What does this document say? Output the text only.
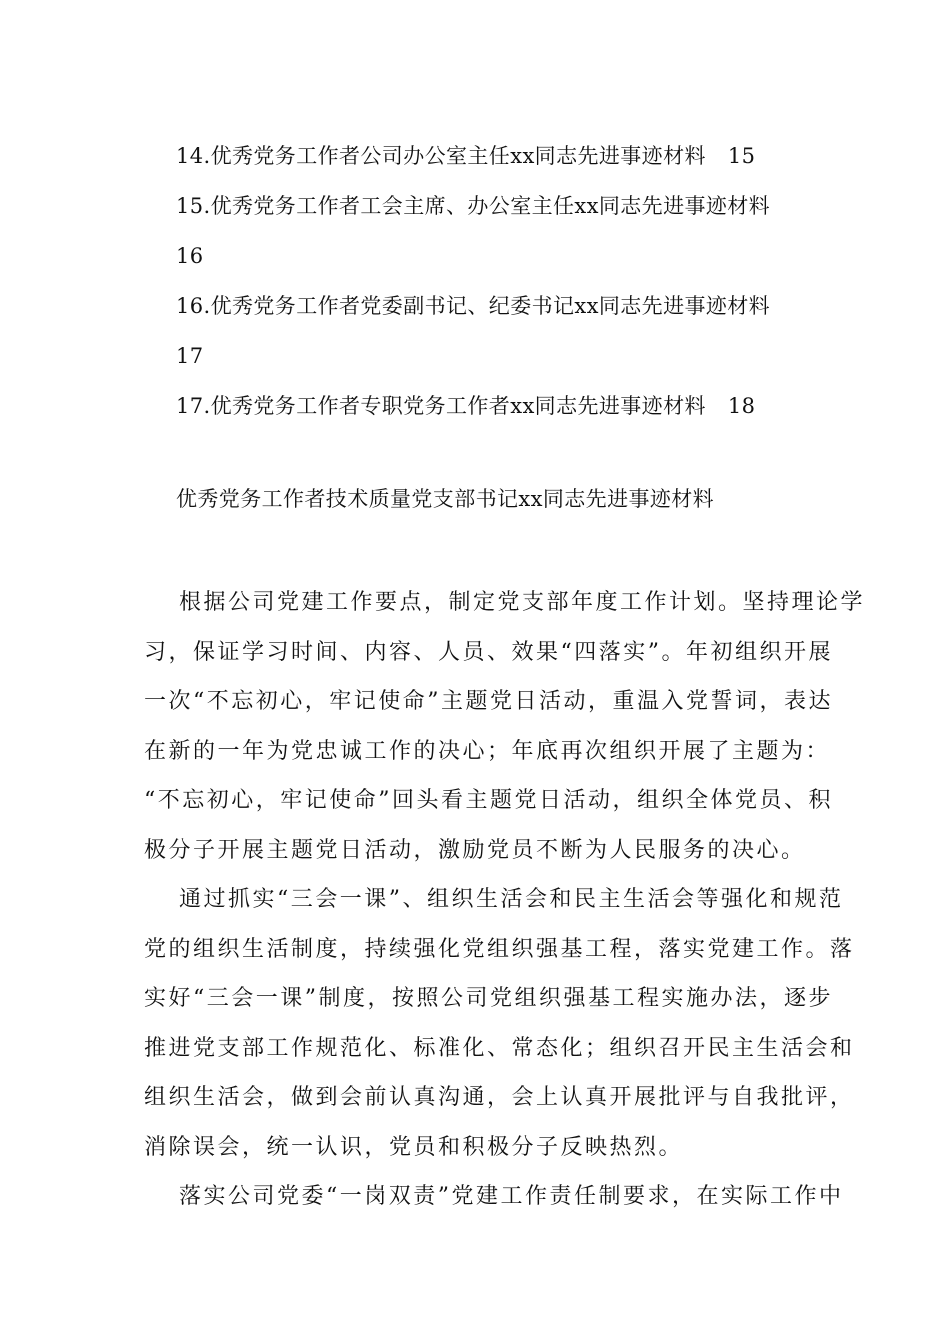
14.优秀党务工作者公司办公室主任xx同志先进事迹材料 15
15.优秀党务工作者工会主席、办公室主任xx同志先进事迹材料
16
16.优秀党务工作者党委副书记、纪委书记xx同志先进事迹材料
17
17.优秀党务工作者专职党务工作者xx同志先进事迹材料 18
优秀党务工作者技术质量党支部书记xx同志先进事迹材料
根据公司党建工作要点，制定党支部年度工作计划。坚持理论学
习，保证学习时间、内容、人员、效果“四落实”。年初组织开展
一次“不忘初心，牢记使命”主题党日活动，重温入党誓词，表达
在新的一年为党忠诚工作的决心；年底再次组织开展了主题为：
“不忘初心，牢记使命”回头看主题党日活动，组织全体党员、积
极分子开展主题党日活动，激励党员不断为人民服务的决心。
通过抓实“三会一课”、组织生活会和民主生活会等强化和规范
党的组织生活制度，持续强化党组织强基工程，落实党建工作。落
实好“三会一课”制度，按照公司党组织强基工程实施办法，逐步
推进党支部工作规范化、标准化、常态化；组织召开民主生活会和
组织生活会，做到会前认真沟通，会上认真开展批评与自我批评，
消除误会，统一认识，党员和积极分子反映热烈。
落实公司党委“一岗双责”党建工作责任制要求，在实际工作中
